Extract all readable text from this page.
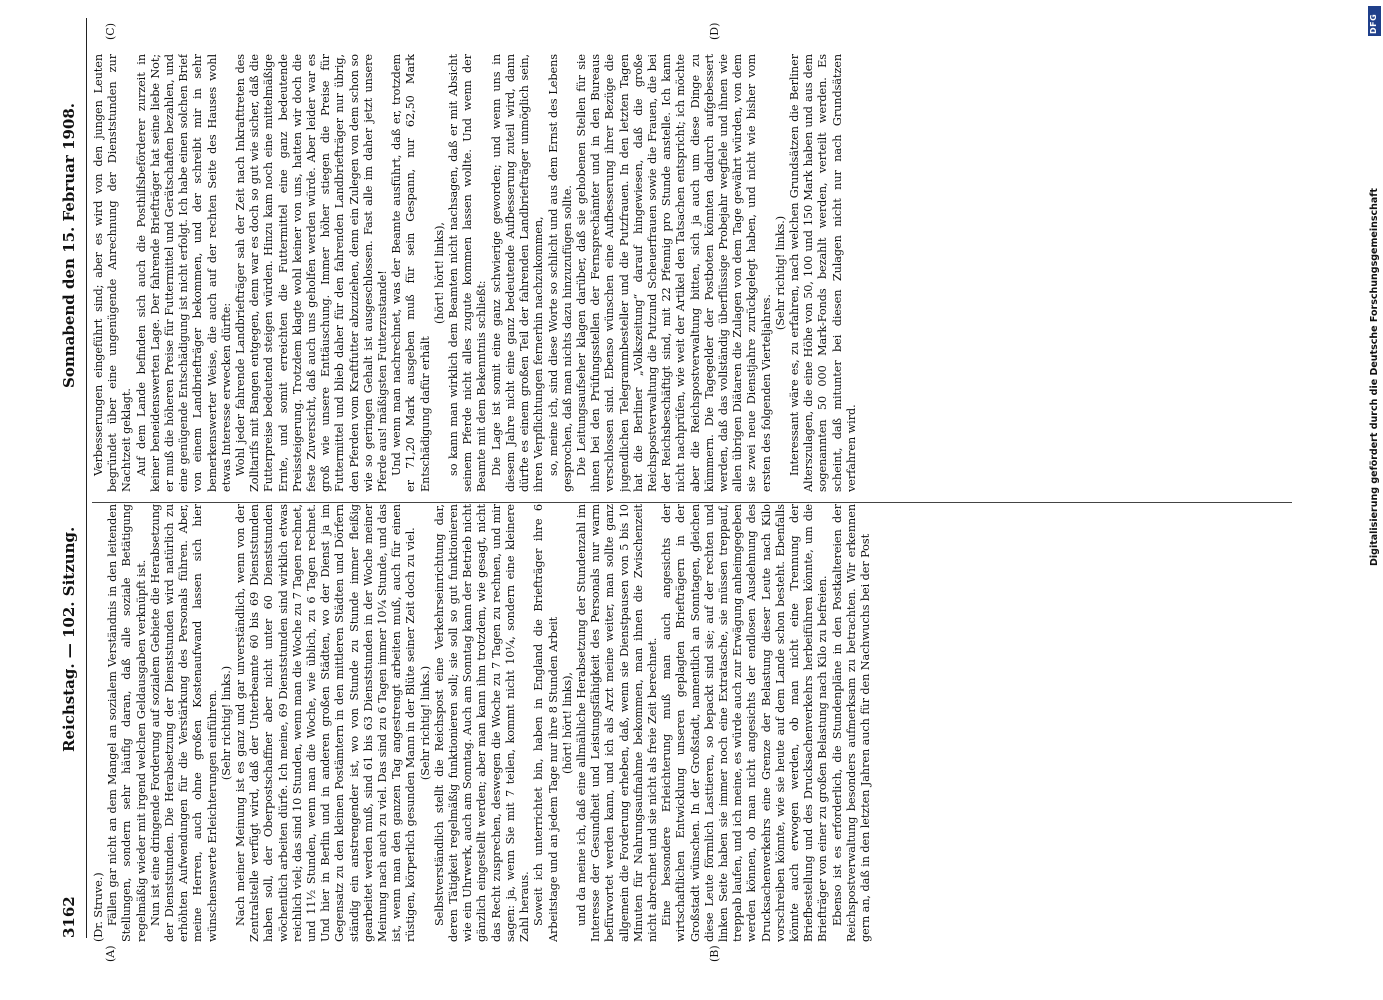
3162
Reichstag. — 102. Sitzung.
Sonnabend den 15. Februar 1908.
(A)	(B)
(C)	(D)

(Dr. Struve.) Fällen gar nicht an dem Mangel an sozialem Verständnis in den leitenden Stellungen, sondern sehr häufig daran, daß alle soziale Betätigung regelmäßig wieder mit irgend welchen Geldausgaben verknüpft ist. Nun ist eine dringende Forderung auf sozialem Gebiete die Herabsetzung der Dienststunden. Die Herabsetzung der Dienststunden wird natürlich zu erhöhten Aufwendungen für die Verstärkung des Personals führen. Aber, meine Herren, auch ohne großen Kostenaufwand lassen sich hier wünschenswerte Erleichterungen einführen. (Sehr richtig! links.) Nach meiner Meinung ist es ganz und gar unverständlich, wenn von der Zentralstelle verfügt wird, daß der Unterbeamte 60 bis 69 Dienststunden haben soll, der Oberpostschaffner aber nicht unter 60 Dienststunden wöchentlich arbeiten dürfe. Ich meine, 69 Dienststunden sind wirklich etwas reichlich viel; das sind 10 Stunden, wenn man die Woche zu 7 Tagen rechnet, und 11½ Stunden, wenn man die Woche, wie üblich, zu 6 Tagen rechnet. Und hier in Berlin und in anderen großen Städten, wo der Dienst ja im Gegensatz zu den kleinen Postämtern in den mittleren Städten und Dörfern ständig ein anstrengender ist, wo von Stunde zu Stunde immer fleißig gearbeitet werden muß, sind 61 bis 63 Dienststunden in der Woche meiner Meinung nach auch zu viel. Das sind zu 6 Tagen immer 10¼ Stunde, und das ist, wenn man den ganzen Tag angestrengt arbeiten muß, auch für einen rüstigen, körperlich gesunden Mann in der Blüte seiner Zeit doch zu viel. (Sehr richtig! links.) Selbstverständlich stellt die Reichspost eine Verkehrseinrichtung dar, deren Tätigkeit regelmäßig funktionieren soll; sie soll so gut funktionieren wie ein Uhrwerk, auch am Sonntag. Auch am Sonntag kann der Betrieb nicht gänzlich eingestellt werden; aber man kann ihm trotzdem, wie gesagt, nicht das Recht zusprechen, deswegen die Woche zu 7 Tagen zu rechnen, und mir sagen: ja, wenn Sie mit 7 teilen, kommt nicht 10¼, sondern eine kleinere Zahl heraus. Soweit ich unterrichtet bin, haben in England die Briefträger ihre 6 Arbeitstage und an jedem Tage nur ihre 8 Stunden Arbeit (hört! hört! links), und da meine ich, daß eine allmähliche Herabsetzung der Stundenzahl im Interesse der Gesundheit und Leistungsfähigkeit des Personals nur warm befürwortet werden kann, und ich als Arzt meine weiter, man sollte ganz allgemein die Forderung erheben, daß, wenn sie Dienstpausen von 5 bis 10 Minuten für Nahrungsaufnahme bekommen, man ihnen die Zwischenzeit nicht abrechnet und sie nicht als freie Zeit berechnet. Eine besondere Erleichterung muß man auch angesichts der wirtschaftlichen Entwicklung unseren geplagten Briefträgern in der Großstadt wünschen. In der Großstadt, namentlich an Sonntagen, gleichen diese Leute förmlich Lasttieren, so bepackt sind sie; auf der rechten und linken Seite haben sie immer noch eine Extratasche, sie müssen treppauf, treppab laufen, und ich meine, es würde auch zur Erwägung anheimgegeben werden können, ob man nicht angesichts der endlosen Ausdehnung des Drucksachenverkehrs eine Grenze der Belastung dieser Leute nach Kilo vorschreiben könnte, wie sie heute auf dem Lande schon besteht. Ebenfalls könnte auch erwogen werden, ob man nicht eine Trennung der Briefbestellung und des Drucksachenverkehrs herbeiführen könnte, um die Briefträger von einer zu großen Belastung nach Kilo zu befreien. Ebenso ist es erforderlich, die Stundenpläne in den Postkaltereien der Reichspostverwaltung besonders aufmerksam zu betrachten. Wir erkennen gern an, daß in den letzten Jahren auch für den Nachwuchs bei der Post

Verbesserungen eingeführt sind; aber es wird von den jungen Leuten begründet über eine ungenügende Anrechnung der Dienststunden zur Nachtzeit geklagt. Auf dem Lande befinden sich auch die Posthilfsbeförderer zurzeit in keiner beneidenswerten Lage. Der fahrende Briefträger hat seine liebe Not; er muß die höheren Preise für Futtermittel und Gerätschaften bezahlen, und eine genügende Entschädigung ist nicht erfolgt. Ich habe einen solchen Brief von einem Landbriefträger bekommen, und der schreibt mir in sehr bemerkenswerter Weise, die auch auf der rechten Seite des Hauses wohl etwas Interesse erwecken dürfte: Wohl jeder fahrende Landbriefträger sah der Zeit nach Inkrafttreten des Zolltarifs mit Bangen entgegen, denn war es doch so gut wie sicher, daß die Futterpreise bedeutend steigen würden. Hinzu kam noch eine mittelmäßige Ernte, und somit erreichten die Futtermittel eine ganz bedeutende Preissteigerung. Trotzdem klagte wohl keiner von uns, hatten wir doch die feste Zuversicht, daß auch uns geholfen werden würde. Aber leider war es groß wie unsere Enttäuschung. Immer höher stiegen die Preise für Futtermittel und blieb daher für den fahrenden Landbriefträger nur übrig, den Pferden vom Kraftfutter abzuziehen, denn ein Zulegen von dem schon so wie so geringen Gehalt ist ausgeschlossen. Fast alle im daher jetzt unsere Pferde aus! mäßigsten Futterzustande! Und wenn man nachrechnet, was der Beamte ausführt, daß er, trotzdem er 71,20 Mark ausgeben muß für sein Gespann, nur 62,50 Mark Entschädigung dafür erhält

(hört! hört! links), so kann man wirklich dem Beamten nicht nachsagen, daß er mit Absicht seinem Pferde nicht alles zugute kommen lassen wollte. Und wenn der Beamte mit dem Bekenntnis schließt: Die Lage ist somit eine ganz schwierige geworden; und wenn uns in diesem Jahre nicht eine ganz bedeutende Aufbesserung zuteil wird, dann dürfte es einem großen Teil der fahrenden Landbriefträger unmöglich sein, ihren Verpflichtungen fernerhin nachzukommen, so, meine ich, sind diese Worte so schlicht und aus dem Ernst des Lebens gesprochen, daß man nichts dazu hinzuzufügen sollte. Die Leitungsaufseher klagen darüber, daß sie gehobenen Stellen für sie ihnen bei den Prüfungsstellen der Fernsprechämter und in den Bureaus verschlossen sind. Ebenso wünschen eine Aufbesserung ihrer Bezüge die jugendlichen Telegrammbesteller und die Putzfrauen. In den letzten Tagen hat die Berliner „Volkszeitung“ darauf hingewiesen, daß die große Reichspostverwaltung die Putzund Scheuerfrauen sowie die Frauen, die bei der Reichsbeschäftigt sind, mit 22 Pfennig pro Stunde anstelle. Ich kann nicht nachprüfen, wie weit der Artikel den Tatsachen entspricht; ich möchte aber die Reichspostverwaltung bitten, sich ja auch um diese Dinge zu kümmern. Die Tagegelder der Postboten könnten dadurch aufgebessert werden, daß das vollständig überflüssige Probejahr wegfiele und ihnen wie allen übrigen Diätaren die Zulagen von dem Tage gewährt würden, von dem sie zwei neue Dienstjahre zurückgelegt haben, und nicht wie bisher vom ersten des folgenden Vierteljahres.

(Sehr richtig! links.) Interessant wäre es, zu erfahren, nach welchen Grundsätzen die Berliner Alterszulagen, die eine Höhe von 50, 100 und 150 Mark haben und aus dem sogenannten 50 000 Mark-Fonds bezahlt werden, verteilt werden. Es scheint, daß mitunter bei diesen Zulagen nicht nur nach Grundsätzen verfahren wird.	Digitalisierung gefördert durch die Deutsche Forschungsgemeinschaft
DFG
